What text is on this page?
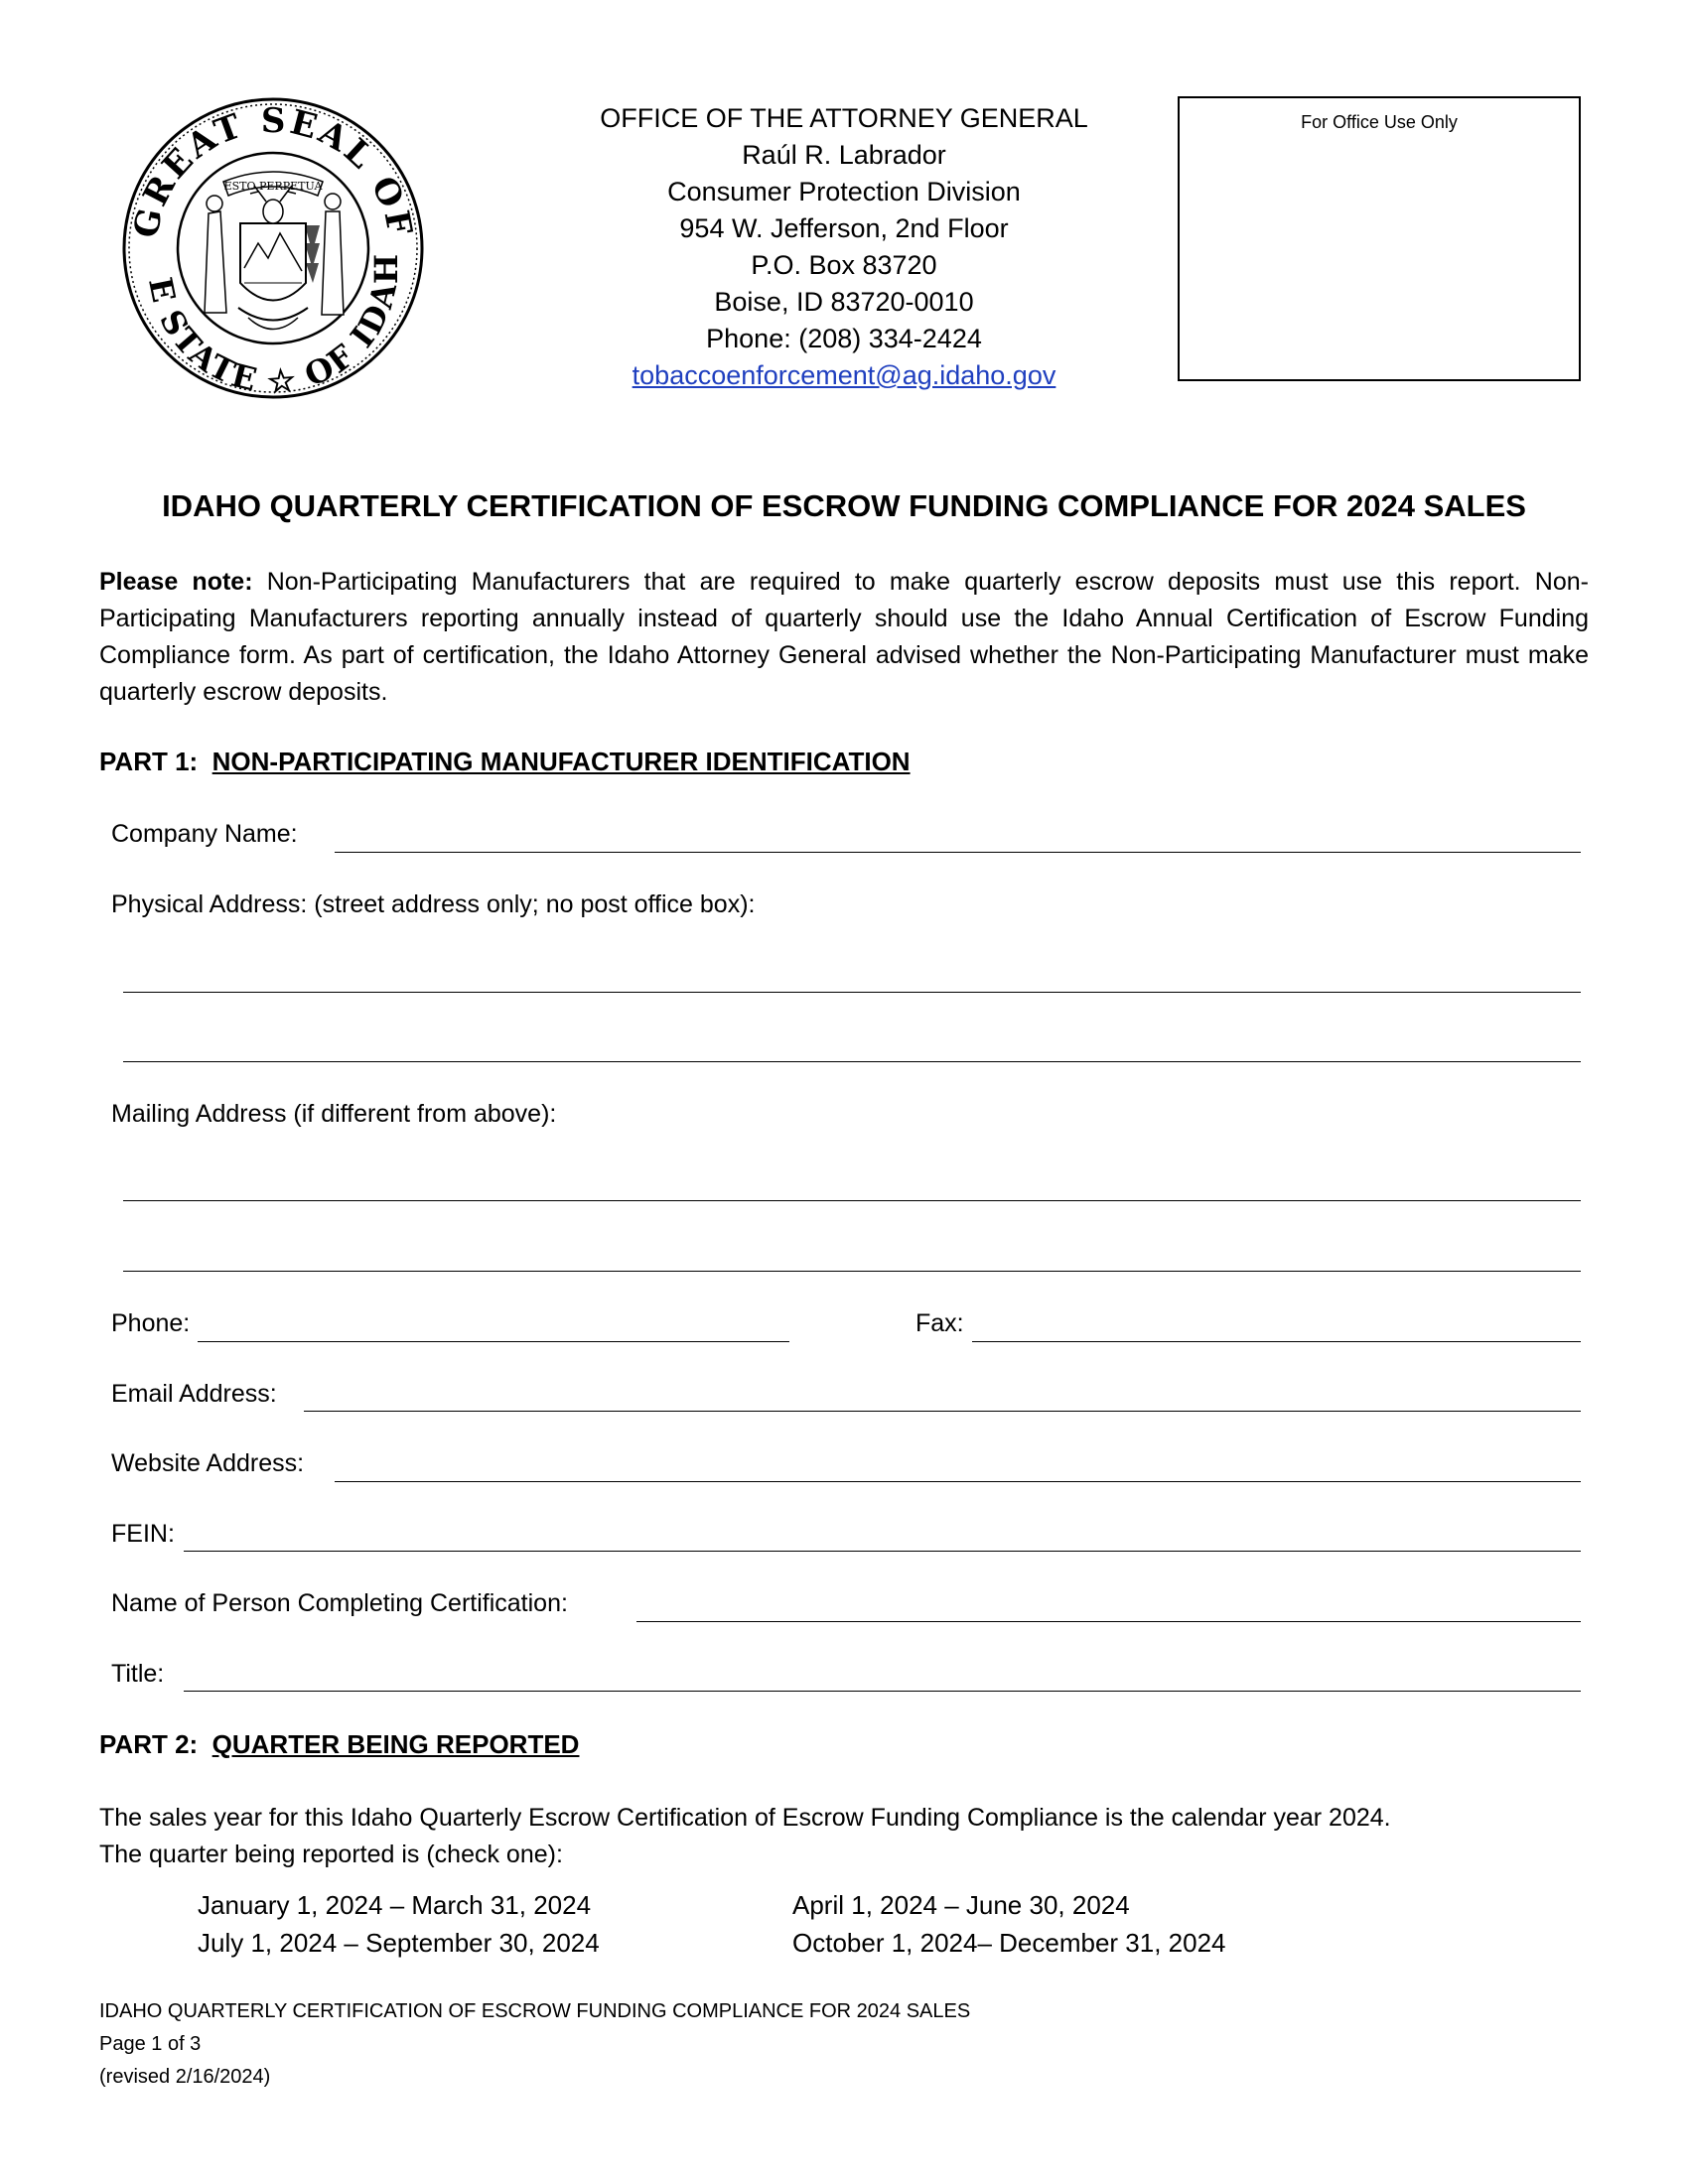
GREAT SEAL OF
E STATE ☆ OF IDAH
ESTO PERPETUA
OFFICE OF THE ATTORNEY GENERAL
Raúl R. Labrador
Consumer Protection Division
954 W. Jefferson, 2nd Floor
P.O. Box 83720
Boise, ID 83720-0010
Phone: (208) 334-2424
tobaccoenforcement@ag.idaho.gov
For Office Use Only
IDAHO QUARTERLY CERTIFICATION OF ESCROW FUNDING COMPLIANCE FOR 2024 SALES
Please note: Non-Participating Manufacturers that are required to make quarterly escrow deposits must use this report. Non-Participating Manufacturers reporting annually instead of quarterly should use the Idaho Annual Certification of Escrow Funding Compliance form. As part of certification, the Idaho Attorney General advised whether the Non-Participating Manufacturer must make quarterly escrow deposits.
PART 1: NON-PARTICIPATING MANUFACTURER IDENTIFICATION
Company Name:
Physical Address: (street address only; no post office box):
Mailing Address (if different from above):
Phone:	Fax:
Email Address:
Website Address:
FEIN:
Name of Person Completing Certification:
Title:
PART 2: QUARTER BEING REPORTED
The sales year for this Idaho Quarterly Escrow Certification of Escrow Funding Compliance is the calendar year 2024.
The quarter being reported is (check one):
January 1, 2024 – March 31, 2024	April 1, 2024 – June 30, 2024
July 1, 2024 – September 30, 2024	October 1, 2024– December 31, 2024
IDAHO QUARTERLY CERTIFICATION OF ESCROW FUNDING COMPLIANCE FOR 2024 SALES
Page 1 of 3
(revised 2/16/2024)
